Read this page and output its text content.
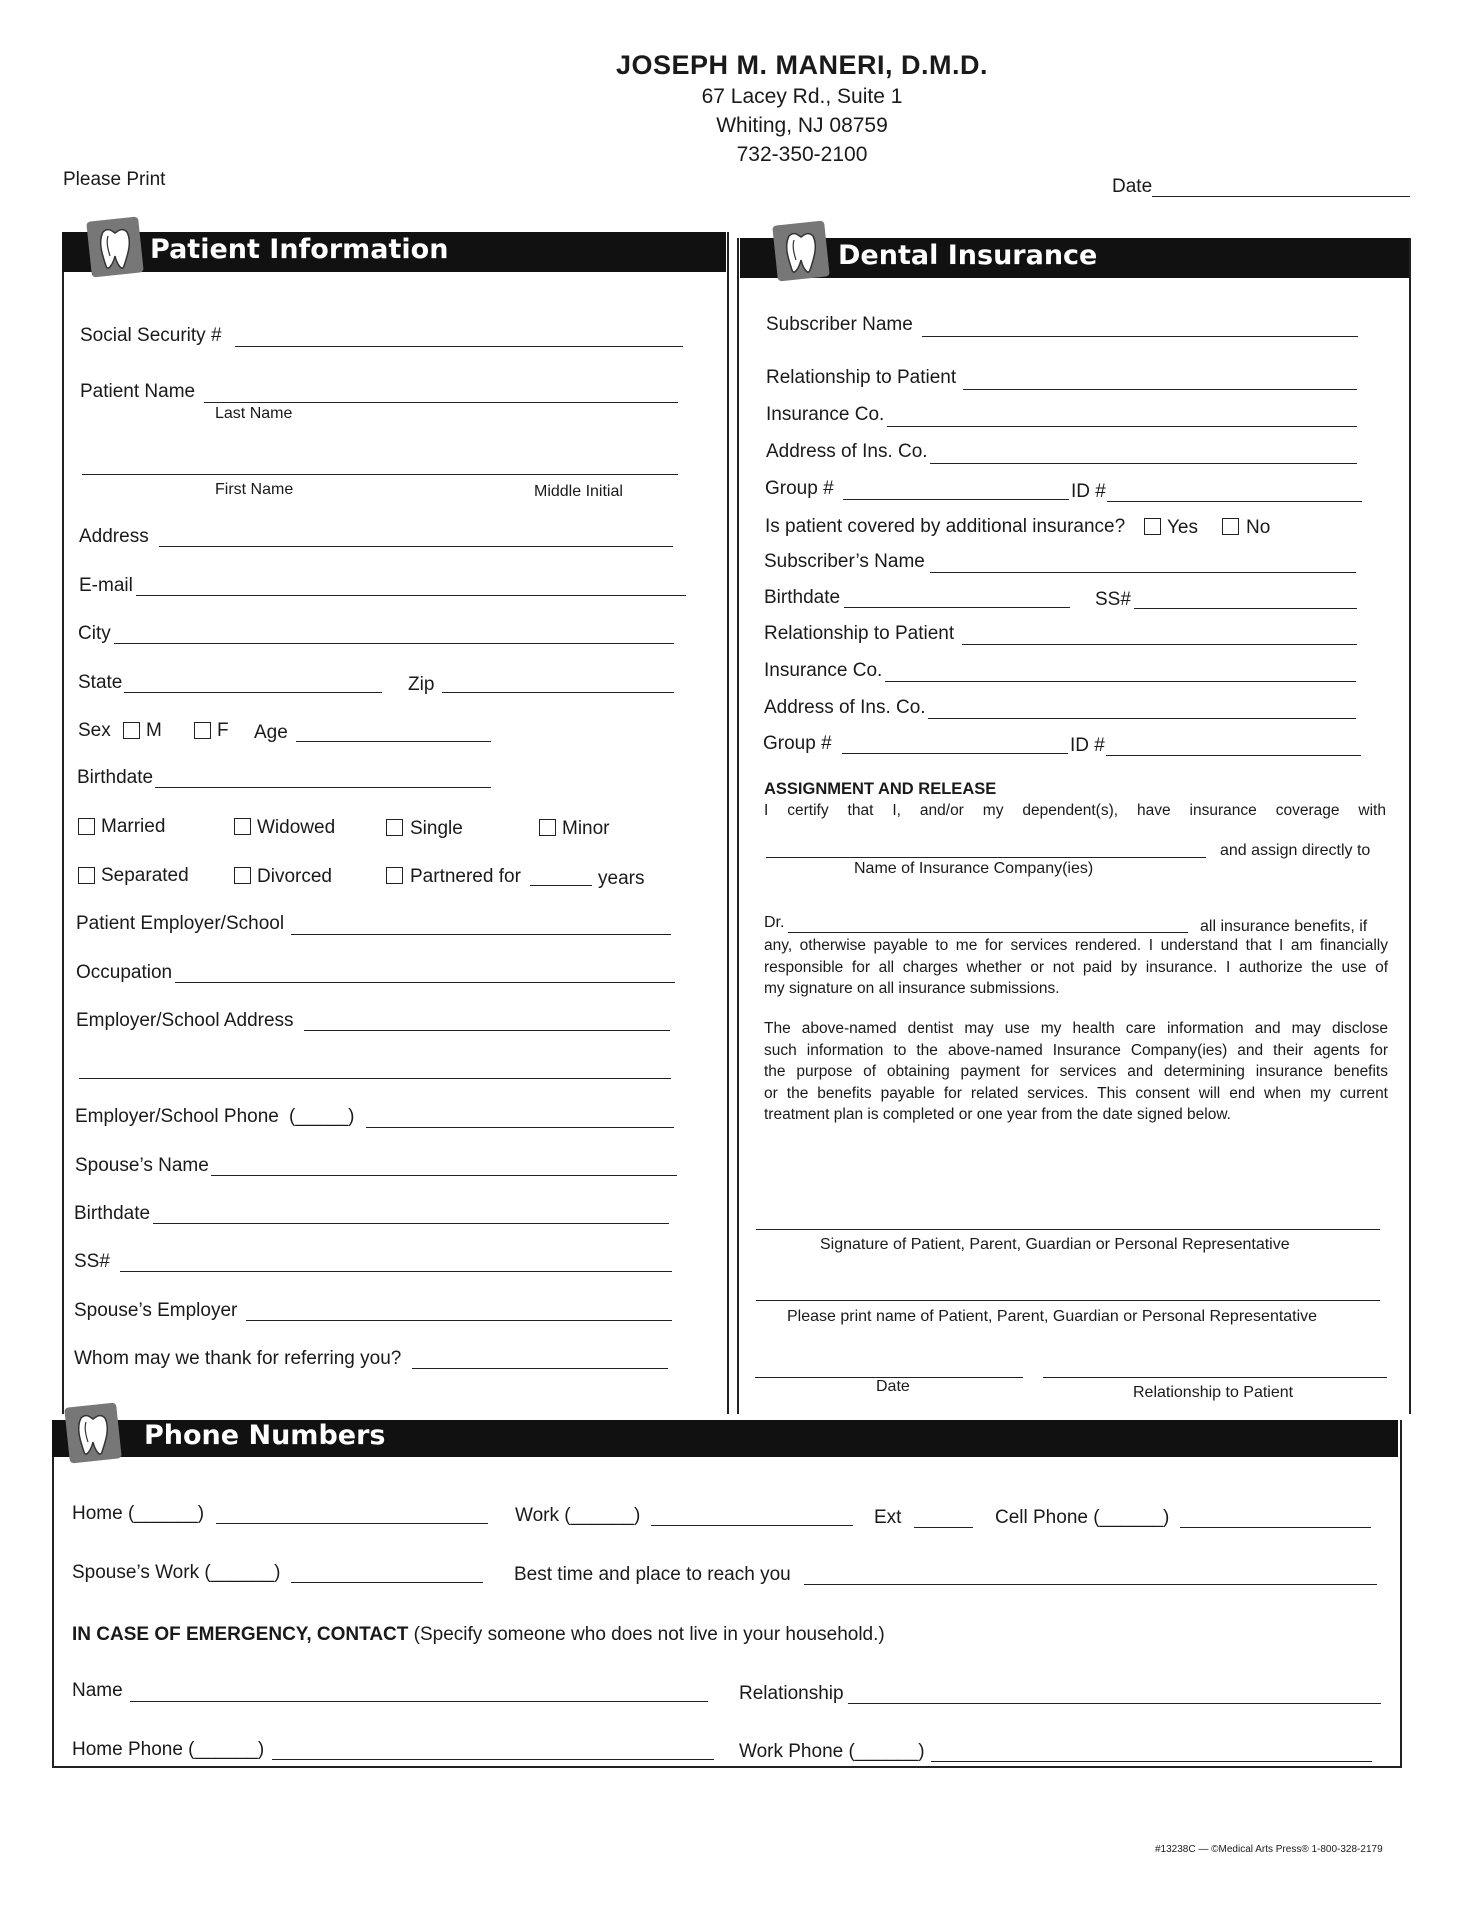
JOSEPH M. MANERI, D.M.D.
67 Lacey Rd., Suite 1
Whiting, NJ 08759
732-350-2100
Please Print	Date
Patient Information	Dental Insurance
Phone Numbers
Social Security #
Patient Name
Last Name
First Name	Middle Initial
Address
E-mail
City
State	Zip
Sex M	F Age
Birthdate
Married	Widowed	Single	Minor
Separated	Divorced	Partnered for	years
Patient Employer/School
Occupation
Employer/School Address
Employer/School Phone (_____)
Spouse’s Name
Birthdate
SS#
Spouse’s Employer
Whom may we thank for referring you?
Subscriber Name
Relationship to Patient
Insurance Co.
Address of Ins. Co.
Group #	ID #
Is patient covered by additional insurance? Yes	No
Subscriber’s Name
Birthdate	SS#
Relationship to Patient
Insurance Co.
Address of Ins. Co.
Group #	ID #
ASSIGNMENT AND RELEASE
I certify that I, and/or my dependent(s), have insurance coverage with
and assign directly to
Name of Insurance Company(ies)
Dr.	all insurance benefits, if
any, otherwise payable to me for services rendered. I understand that I am financially
responsible for all charges whether or not paid by insurance. I authorize the use of
my signature on all insurance submissions.
The above-named dentist may use my health care information and may disclose
such information to the above-named Insurance Company(ies) and their agents for
the purpose of obtaining payment for services and determining insurance benefits
or the benefits payable for related services. This consent will end when my current
treatment plan is completed or one year from the date signed below.
Signature of Patient, Parent, Guardian or Personal Representative
Please print name of Patient, Parent, Guardian or Personal Representative
Date	Relationship to Patient
Home (______)	Work (______)	Ext	Cell Phone (______)
Spouse’s Work (______)	Best time and place to reach you
IN CASE OF EMERGENCY, CONTACT (Specify someone who does not live in your household.)
Name	Relationship
Home Phone (______)	Work Phone (______)
#13238C — ©Medical Arts Press® 1-800-328-2179
